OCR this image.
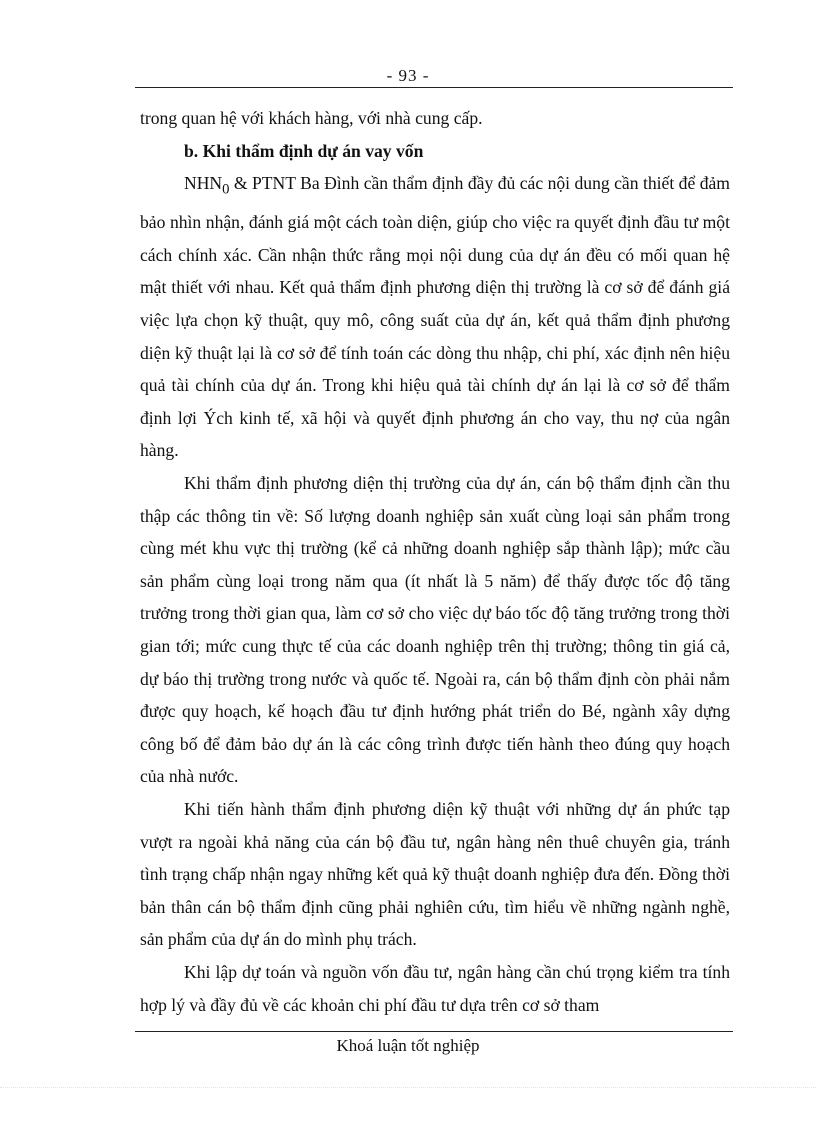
- 93 -

trong quan hệ với khách hàng, với nhà cung cấp.

b. Khi thẩm định dự án vay vốn

$NHN_0$ & PTNT Ba Đình cần thẩm định đầy đủ các nội dung cần thiết để đảm bảo nhìn nhận, đánh giá một cách toàn diện, giúp cho việc ra quyết định đầu tư một cách chính xác. Cần nhận thức rằng mọi nội dung của dự án đều có mối quan hệ mật thiết với nhau. Kết quả thẩm định phương diện thị trường là cơ sở để đánh giá việc lựa chọn kỹ thuật, quy mô, công suất của dự án, kết quả thẩm định phương diện kỹ thuật lại là cơ sở để tính toán các dòng thu nhập, chi phí, xác định nên hiệu quả tài chính của dự án. Trong khi hiệu quả tài chính dự án lại là cơ sở để thẩm định lợi Ých kinh tế, xã hội và quyết định phương án cho vay, thu nợ của ngân hàng.

Khi thẩm định phương diện thị trường của dự án, cán bộ thẩm định cần thu thập các thông tin về: Số lượng doanh nghiệp sản xuất cùng loại sản phẩm trong cùng mét khu vực thị trường (kể cả những doanh nghiệp sắp thành lập); mức cầu sản phẩm cùng loại trong năm qua (ít nhất là 5 năm) để thấy được tốc độ tăng trưởng trong thời gian qua, làm cơ sở cho việc dự báo tốc độ tăng trưởng trong thời gian tới; mức cung thực tế của các doanh nghiệp trên thị trường; thông tin giá cả, dự báo thị trường trong nước và quốc tế. Ngoài ra, cán bộ thẩm định còn phải nắm được quy hoạch, kế hoạch đầu tư định hướng phát triển do Bé, ngành xây dựng công bố để đảm bảo dự án là các công trình được tiến hành theo đúng quy hoạch của nhà nước.

Khi tiến hành thẩm định phương diện kỹ thuật với những dự án phức tạp vượt ra ngoài khả năng của cán bộ đầu tư, ngân hàng nên thuê chuyên gia, tránh tình trạng chấp nhận ngay những kết quả kỹ thuật doanh nghiệp đưa đến. Đồng thời bản thân cán bộ thẩm định cũng phải nghiên cứu, tìm hiểu về những ngành nghề, sản phẩm của dự án do mình phụ trách.

Khi lập dự toán và nguồn vốn đầu tư, ngân hàng cần chú trọng kiểm tra tính hợp lý và đầy đủ về các khoản chi phí đầu tư dựa trên cơ sở tham

Khoá luận tốt nghiệp
